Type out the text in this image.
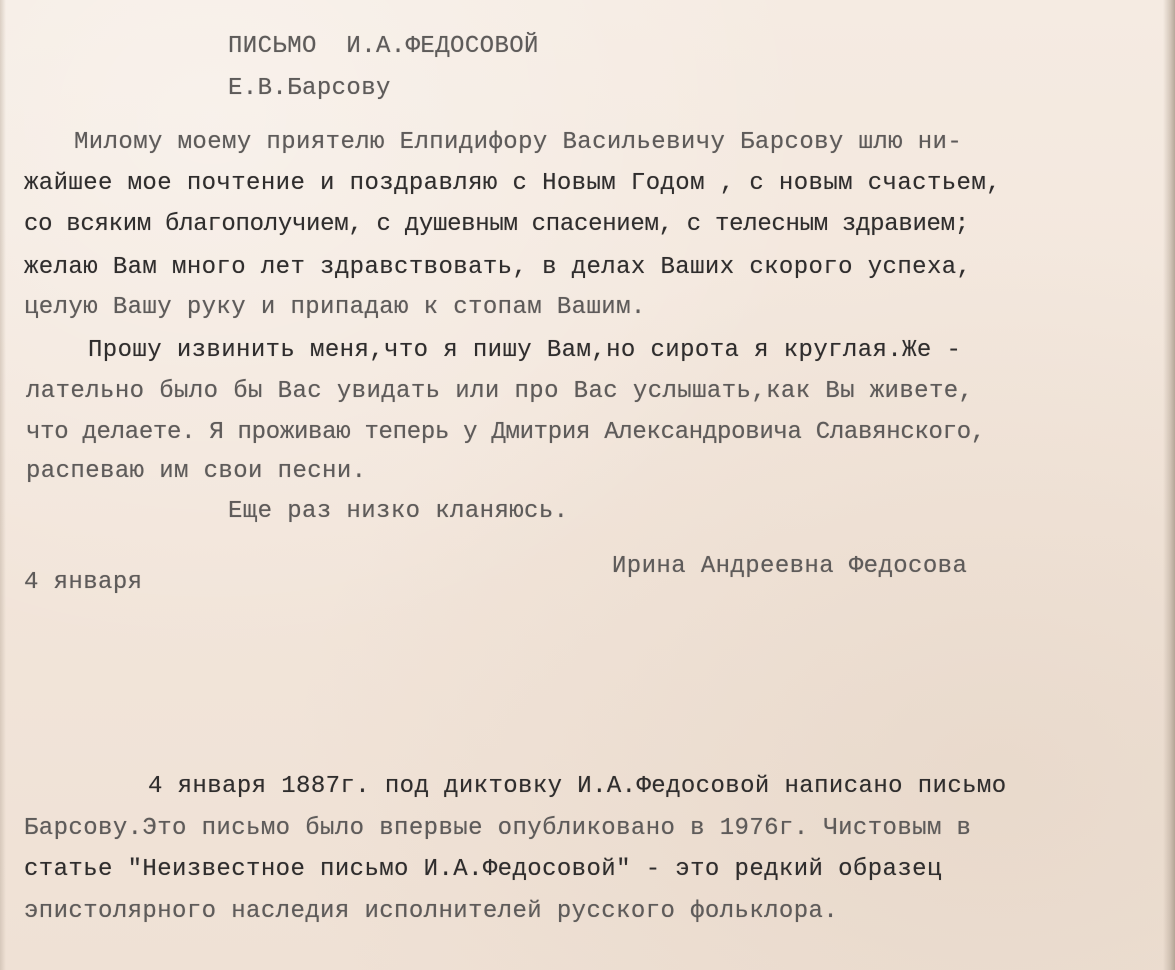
ПИСЬМО  И.А.ФЕДОСОВОЙ
Е.В.Барсову
Милому моему приятелю Елпидифору Васильевичу Барсову шлю ни-
жайшее мое почтение и поздравляю с Новым Годом , с новым счастьем,
со всяким благополучием, с душевным спасением, с телесным здравием;
желаю Вам много лет здравствовать, в делах Ваших скорого успеха,
целую Вашу руку и припадаю к стопам Вашим.
Прошу извинить меня,что я пишу Вам,но сирота я круглая.Же -
лательно было бы Вас увидать или про Вас услышать,как Вы живете,
что делаете. Я проживаю теперь у Дмитрия Александровича Славянского,
распеваю им свои песни.
Еще раз низко кланяюсь.
4 января
Ирина Андреевна Федосова
4 января 1887г. под диктовку И.А.Федосовой написано письмо
Барсову.Это письмо было впервые опубликовано в 1976г. Чистовым в
статье "Неизвестное письмо И.А.Федосовой" - это редкий образец
эпистолярного наследия исполнителей русского фольклора.
